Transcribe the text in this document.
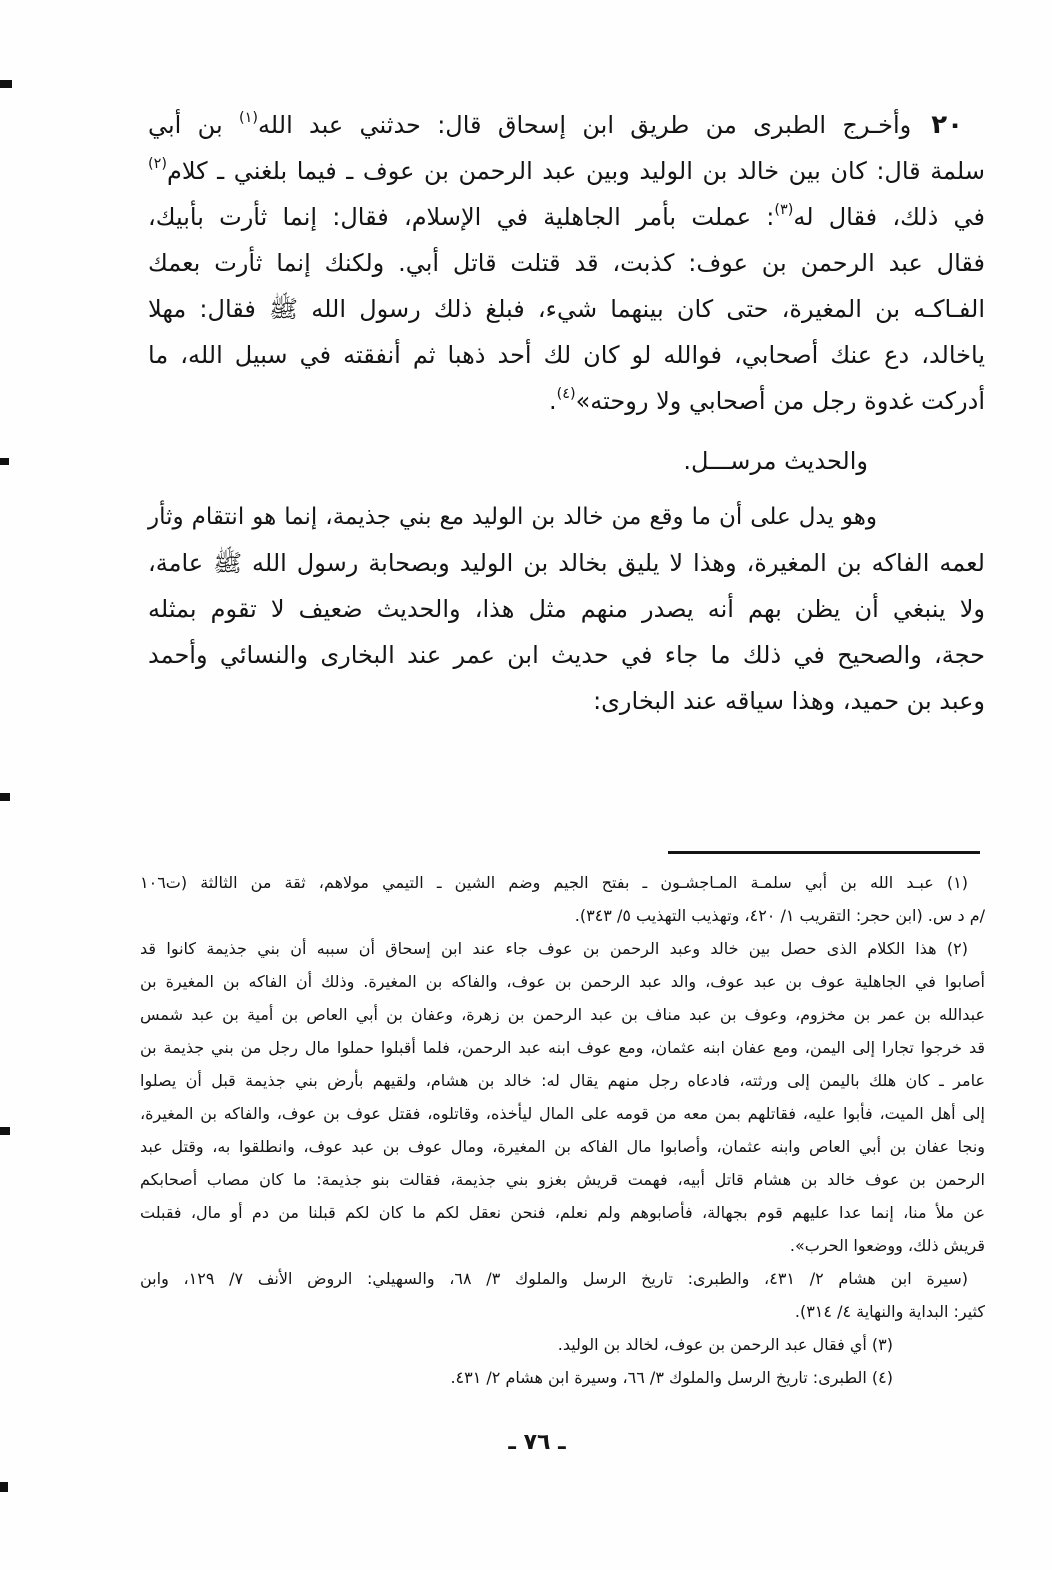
٢٠وأخـرج الطبرى من طريق ابن إسحاق قال: حدثني عبد الله$^{(١)}$ بن أبي
سلمة قال: كان بين خالد بن الوليد وبين عبد الرحمن بن عوف ـ فيما بلغني ـ كلام$^{(٢)}$
في ذلك، فقال له$^{(٣)}$: عملت بأمر الجاهلية في الإسلام، فقال: إنما ثأرت بأبيك،
فقال عبد الرحمن بن عوف: كذبت، قد قتلت قاتل أبي. ولكنك إنما ثأرت بعمك
الفـاكـه بن المغيرة، حتى كان بينهما شيء، فبلغ ذلك رسول الله ﷺ فقال: مهلا
ياخالد، دع عنك أصحابي، فوالله لو كان لك أحد ذهبا ثم أنفقته في سبيل الله، ما
أدركت غدوة رجل من أصحابي ولا روحته»$^{(٤)}$.
والحديث مرســـل.
وهو يدل على أن ما وقع من خالد بن الوليد مع بني جذيمة، إنما هو انتقام وثأر
لعمه الفاكه بن المغيرة، وهذا لا يليق بخالد بن الوليد وبصحابة رسول الله ﷺ عامة،
ولا ينبغي أن يظن بهم أنه يصدر منهم مثل هذا، والحديث ضعيف لا تقوم بمثله
حجة، والصحيح في ذلك ما جاء في حديث ابن عمر عند البخارى والنسائي وأحمد
وعبد بن حميد، وهذا سياقه عند البخارى:
(١) عبـد الله بن أبي سلمـة المـاجشـون ـ بفتح الجيم وضم الشين ـ التيمي مولاهم، ثقة من الثالثة (ت١٠٦
/م د س. (ابن حجر: التقريب ١/ ٤٢٠، وتهذيب التهذيب ٥/ ٣٤٣).
(٢) هذا الكلام الذى حصل بين خالد وعبد الرحمن بن عوف جاء عند ابن إسحاق أن سببه أن بني جذيمة كانوا قد
أصابوا في الجاهلية عوف بن عبد عوف، والد عبد الرحمن بن عوف، والفاكه بن المغيرة. وذلك أن الفاكه بن المغيرة بن
عبدالله بن عمر بن مخزوم، وعوف بن عبد مناف بن عبد الرحمن بن زهرة، وعفان بن أبي العاص بن أمية بن عبد شمس
قد خرجوا تجارا إلى اليمن، ومع عفان ابنه عثمان، ومع عوف ابنه عبد الرحمن، فلما أقبلوا حملوا مال رجل من بني جذيمة بن
عامر ـ كان هلك باليمن إلى ورثته، فادعاه رجل منهم يقال له: خالد بن هشام، ولقيهم بأرض بني جذيمة قبل أن يصلوا
إلى أهل الميت، فأبوا عليه، فقاتلهم بمن معه من قومه على المال ليأخذه، وقاتلوه، فقتل عوف بن عوف، والفاكه بن المغيرة،
ونجا عفان بن أبي العاص وابنه عثمان، وأصابوا مال الفاكه بن المغيرة، ومال عوف بن عبد عوف، وانطلقوا به، وقتل عبد
الرحمن بن عوف خالد بن هشام قاتل أبيه، فهمت قريش بغزو بني جذيمة، فقالت بنو جذيمة: ما كان مصاب أصحابكم
عن ملأ منا، إنما عدا عليهم قوم بجهالة، فأصابوهم ولم نعلم، فنحن نعقل لكم ما كان لكم قبلنا من دم أو مال، فقبلت
قريش ذلك، ووضعوا الحرب».
(سيرة ابن هشام ٢/ ٤٣١، والطبرى: تاريخ الرسل والملوك ٣/ ٦٨، والسهيلي: الروض الأنف ٧/ ١٢٩، وابن
كثير: البداية والنهاية ٤/ ٣١٤).
(٣) أي فقال عبد الرحمن بن عوف، لخالد بن الوليد.
(٤) الطبرى: تاريخ الرسل والملوك ٣/ ٦٦، وسيرة ابن هشام ٢/ ٤٣١.
ـ ٧٦ ـ
